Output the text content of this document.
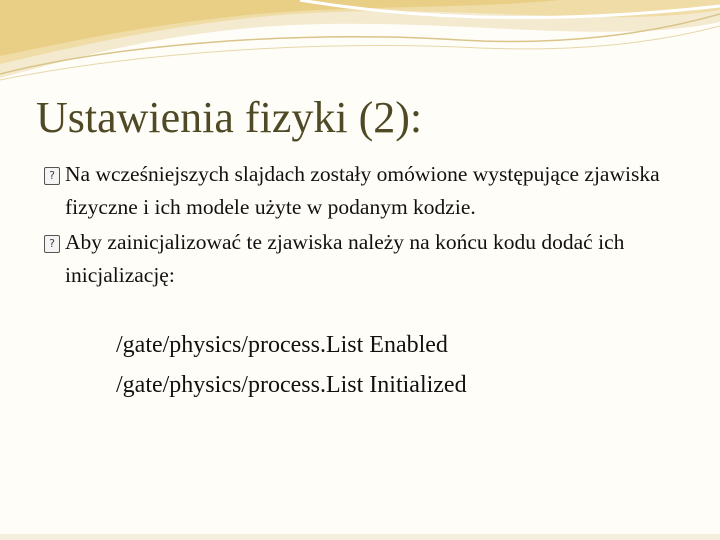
Ustawienia fizyki (2):

? Na wcześniejszych slajdach zostały omówione występujące zjawiska fizyczne i ich modele użyte w podanym kodzie.

? Aby zainicjalizować te zjawiska należy na końcu kodu dodać ich inicjalizację:

/gate/physics/process.List Enabled
/gate/physics/process.List Initialized
